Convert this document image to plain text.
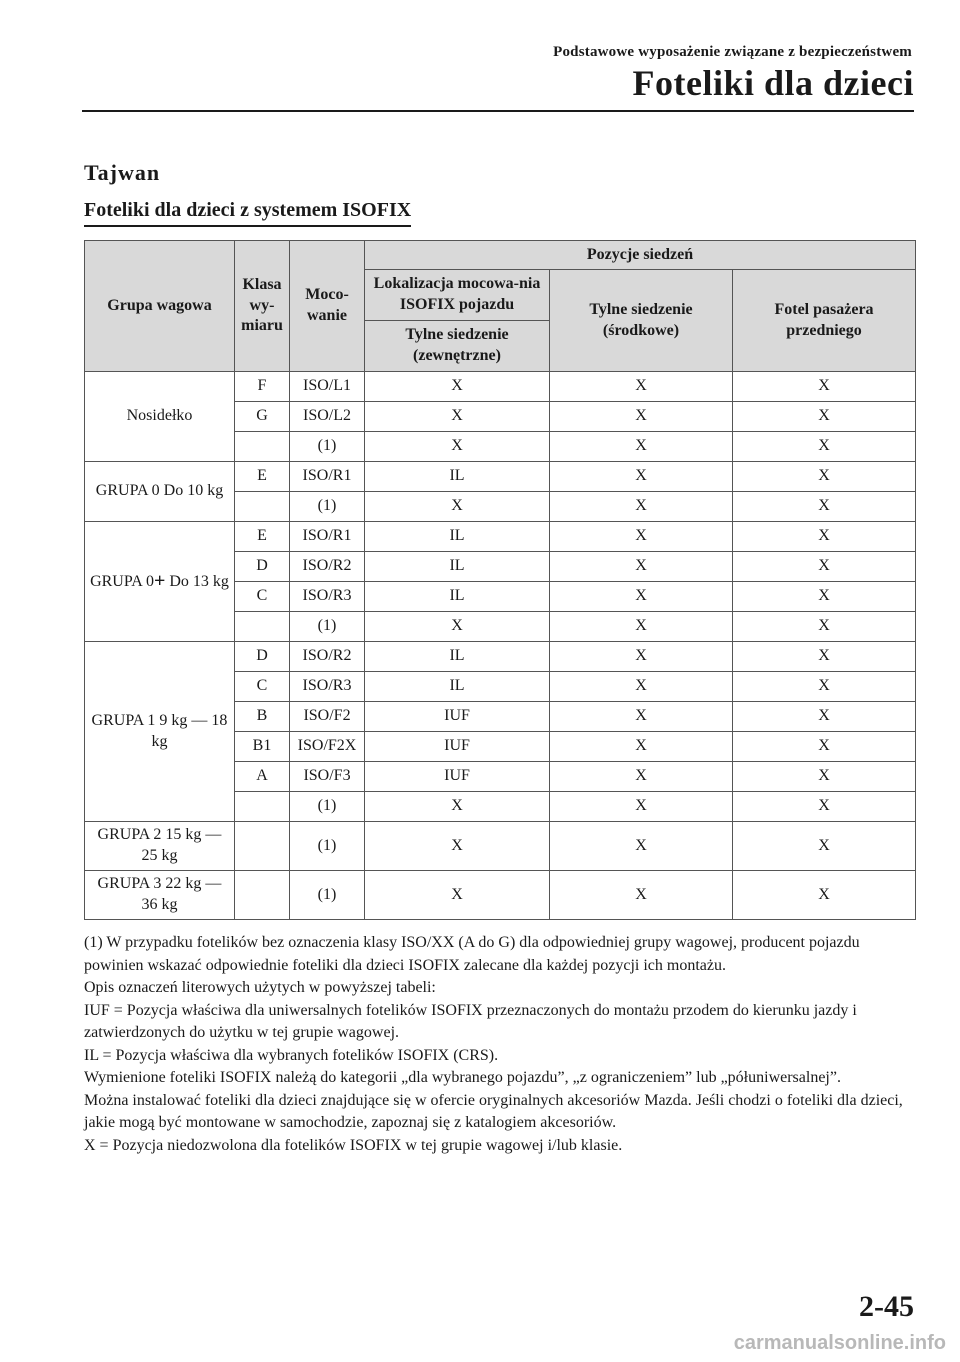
Podstawowe wyposażenie związane z bezpieczeństwem
Foteliki dla dzieci
Tajwan
Foteliki dla dzieci z systemem ISOFIX
Grupa wagowa	Klasa wy-miaru	Moco-wanie	Pozycje siedzeń		
			Lokalizacja mocowa-nia ISOFIX pojazdu	Tylne siedzenie (środkowe)	Fotel pasażera przedniego
			Tylne siedzenie (zewnętrzne)		
Nosidełko	F	ISO/L1	X	X	X
	G	ISO/L2	X	X	X
		(1)	X	X	X
GRUPA 0 Do 10 kg	E	ISO/R1	IL	X	X
		(1)	X	X	X
GRUPA 0+ Do 13 kg	E	ISO/R1	IL	X	X
	D	ISO/R2	IL	X	X
	C	ISO/R3	IL	X	X
		(1)	X	X	X
GRUPA 1 9 kg ― 18 kg	D	ISO/R2	IL	X	X
	C	ISO/R3	IL	X	X
	B	ISO/F2	IUF	X	X
	B1	ISO/F2X	IUF	X	X
	A	ISO/F3	IUF	X	X
		(1)	X	X	X
GRUPA 2 15 kg ― 25 kg		(1)	X	X	X
GRUPA 3 22 kg ― 36 kg		(1)	X	X	X

(1) W przypadku fotelików bez oznaczenia klasy ISO/XX (A do G) dla odpowiedniej grupy wagowej, producent pojazdu powinien wskazać odpowiednie foteliki dla dzieci ISOFIX zalecane dla każdej pozycji ich montażu.

Opis oznaczeń literowych użytych w powyższej tabeli:

IUF = Pozycja właściwa dla uniwersalnych fotelików ISOFIX przeznaczonych do montażu przodem do kierunku jazdy i zatwierdzonych do użytku w tej grupie wagowej.

IL = Pozycja właściwa dla wybranych fotelików ISOFIX (CRS).

Wymienione foteliki ISOFIX należą do kategorii „dla wybranego pojazdu”, „z ograniczeniem” lub „półuniwersalnej”.

Można instalować foteliki dla dzieci znajdujące się w ofercie oryginalnych akcesoriów Mazda. Jeśli chodzi o foteliki dla dzieci, jakie mogą być montowane w samochodzie, zapoznaj się z katalogiem akcesoriów.

X = Pozycja niedozwolona dla fotelików ISOFIX w tej grupie wagowej i/lub klasie.

2-45
carmanualsonline.info
